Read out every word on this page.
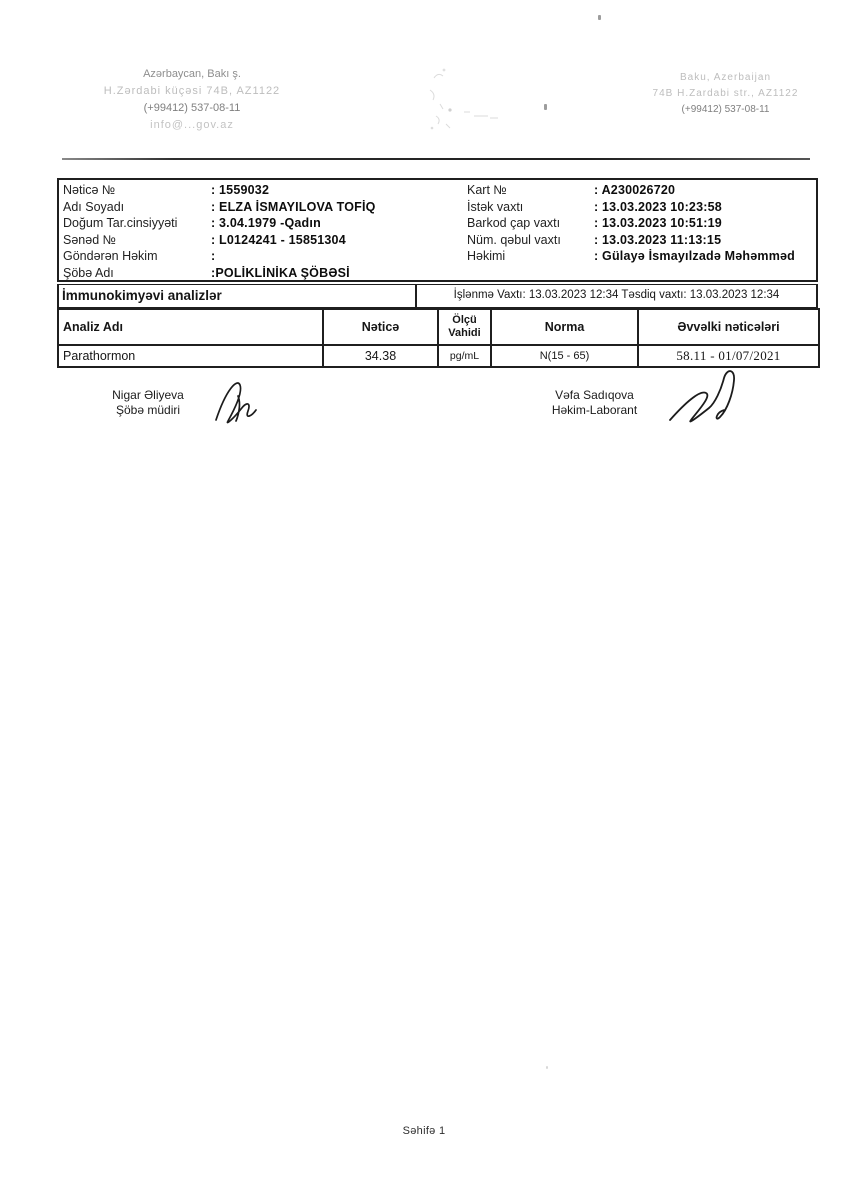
Azərbaycan, Bakı ş.
H.Zərdabi küçəsi 74B, AZ1122
(+99412) 537-08-11
info@...gov.az
Baku, Azerbaijan
74B H.Zardabi str., AZ1122
(+99412) 537-08-11
Nəticə №	: 1559032
Adı Soyadı	: ELZA İSMAYILOVA TOFİQ
Doğum Tar.cinsiyyəti	: 3.04.1979 -Qadın
Sənəd №	: L0124241 - 15851304
Göndərən Həkim	:
Şöbə Adı	:POLİKLİNİKA ŞÖBƏSİ
Kart №	: A230026720
İstək vaxtı	: 13.03.2023 10:23:58
Barkod çap vaxtı	: 13.03.2023 10:51:19
Nüm. qəbul vaxtı	: 13.03.2023 11:13:15
Həkimi	: Gülayə İsmayılzadə Məhəmməd
İmmunokimyəvi analizlər	İşlənmə Vaxtı: 13.03.2023 12:34 Təsdiq vaxtı: 13.03.2023 12:34
Analiz Adı	Nəticə	Ölçü Vahidi	Norma	Əvvəlki nəticələri
Parathormon	34.38	pg/mL	N(15 - 65)	58.11 - 01/07/2021
Nigar Əliyeva
Şöbə müdiri
Vəfa Sadıqova
Həkim-Laborant
Səhifə 1
